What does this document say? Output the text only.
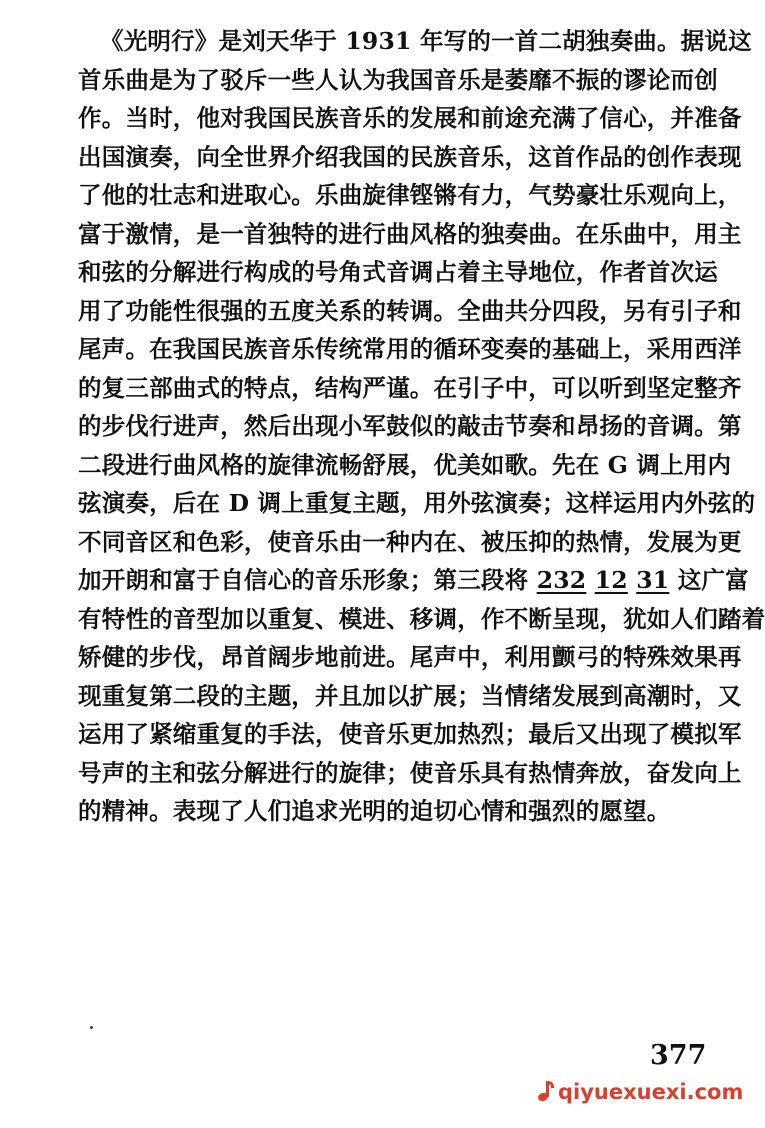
《光明行》是刘天华于 1931 年写的一首二胡独奏曲。据说这
首乐曲是为了驳斥一些人认为我国音乐是萎靡不振的谬论而创
作。当时，他对我国民族音乐的发展和前途充满了信心，并准备
出国演奏，向全世界介绍我国的民族音乐，这首作品的创作表现
了他的壮志和进取心。乐曲旋律铿锵有力，气势豪壮乐观向上，
富于激情，是一首独特的进行曲风格的独奏曲。在乐曲中，用主
和弦的分解进行构成的号角式音调占着主导地位，作者首次运
用了功能性很强的五度关系的转调。全曲共分四段，另有引子和
尾声。在我国民族音乐传统常用的循环变奏的基础上，采用西洋
的复三部曲式的特点，结构严谨。在引子中，可以听到坚定整齐
的步伐行进声，然后出现小军鼓似的敲击节奏和昂扬的音调。第
二段进行曲风格的旋律流畅舒展，优美如歌。先在 G 调上用内
弦演奏，后在 D 调上重复主题，用外弦演奏；这样运用内外弦的
不同音区和色彩，使音乐由一种内在、被压抑的热情，发展为更
加开朗和富于自信心的音乐形象；第三段将 232 12 31 这广富
有特性的音型加以重复、模进、移调，作不断呈现，犹如人们踏着
矫健的步伐，昂首阔步地前进。尾声中，利用颤弓的特殊效果再
现重复第二段的主题，并且加以扩展；当情绪发展到高潮时，又
运用了紧缩重复的手法，使音乐更加热烈；最后又出现了模拟军
号声的主和弦分解进行的旋律；使音乐具有热情奔放，奋发向上
的精神。表现了人们追求光明的迫切心情和强烈的愿望。
377
qiyuexuexi.com
